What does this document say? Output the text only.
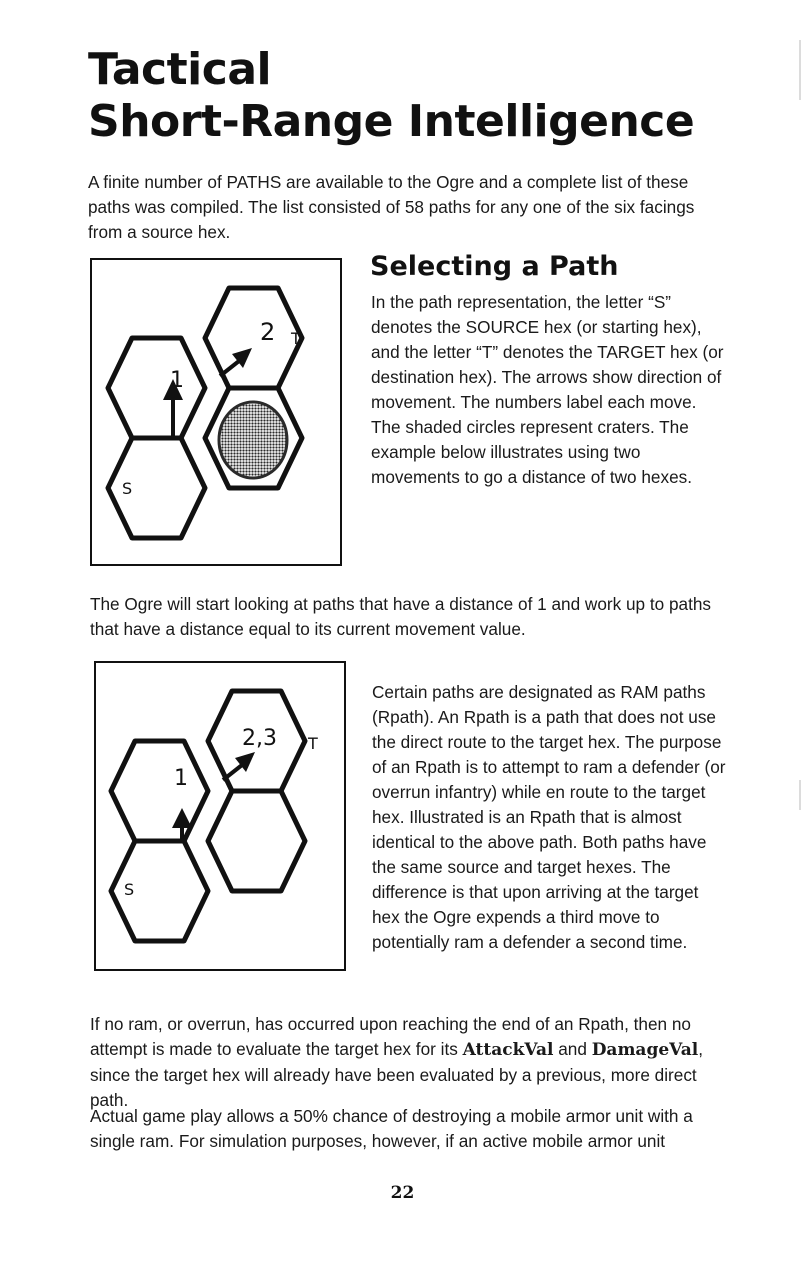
Tactical
Short-Range Intelligence

A finite number of PATHS are available to the Ogre and a complete list of these paths was compiled. The list consisted of 58 paths for any one of the six facings from a source hex.

1
2 T
S
Selecting a Path

In the path representation, the letter “S” denotes the SOURCE hex (or starting hex), and the letter “T” denotes the TARGET hex (or destination hex). The arrows show direction of movement. The numbers label each move. The shaded circles represent craters. The example below illustrates using two movements to go a distance of two hexes.

The Ogre will start looking at paths that have a distance of 1 and work up to paths that have a distance equal to its current movement value.

1
2,3 T
S

Certain paths are designated as RAM paths (Rpath). An Rpath is a path that does not use the direct route to the target hex. The purpose of an Rpath is to attempt to ram a defender (or overrun infantry) while en route to the target hex. Illustrated is an Rpath that is almost identical to the above path. Both paths have the same source and target hexes. The difference is that upon arriving at the target hex the Ogre expends a third move to potentially ram a defender a second time.

If no ram, or overrun, has occurred upon reaching the end of an Rpath, then no attempt is made to evaluate the target hex for its AttackVal and DamageVal, since the target hex will already have been evaluated by a previous, more direct path.

Actual game play allows a 50% chance of destroying a mobile armor unit with a single ram. For simulation purposes, however, if an active mobile armor unit

22
